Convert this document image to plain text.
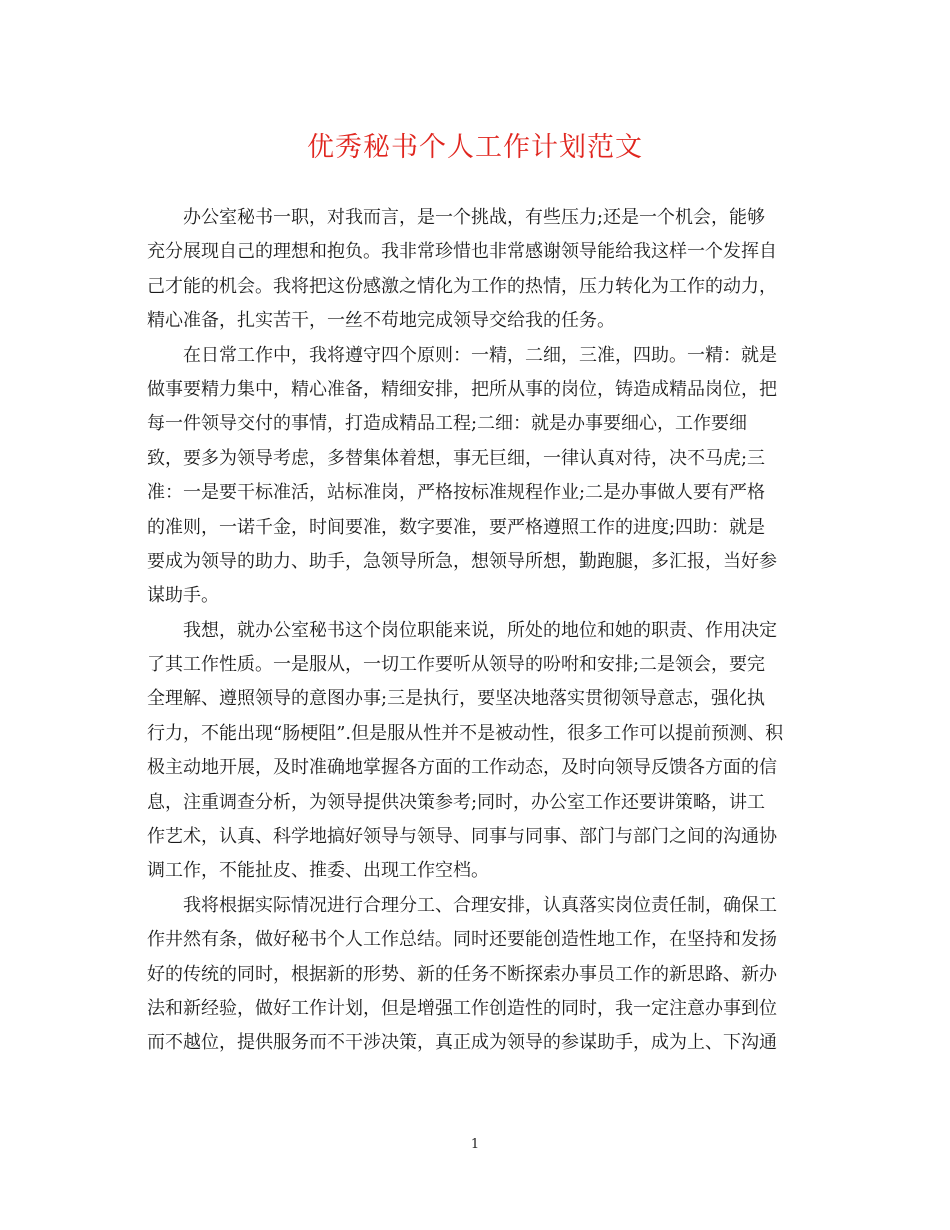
优秀秘书个人工作计划范文
办公室秘书一职，对我而言，是一个挑战，有些压力;还是一个机会，能够
充分展现自己的理想和抱负。我非常珍惜也非常感谢领导能给我这样一个发挥自
己才能的机会。我将把这份感激之情化为工作的热情，压力转化为工作的动力，
精心准备，扎实苦干，一丝不苟地完成领导交给我的任务。
在日常工作中，我将遵守四个原则：一精，二细，三准，四助。一精：就是
做事要精力集中，精心准备，精细安排，把所从事的岗位，铸造成精品岗位，把
每一件领导交付的事情，打造成精品工程;二细：就是办事要细心，工作要细
致，要多为领导考虑，多替集体着想，事无巨细，一律认真对待，决不马虎;三
准：一是要干标准活，站标准岗，严格按标准规程作业;二是办事做人要有严格
的准则，一诺千金，时间要准，数字要准，要严格遵照工作的进度;四助：就是
要成为领导的助力、助手，急领导所急，想领导所想，勤跑腿，多汇报，当好参
谋助手。
我想，就办公室秘书这个岗位职能来说，所处的地位和她的职责、作用决定
了其工作性质。一是服从，一切工作要听从领导的吩咐和安排;二是领会，要完
全理解、遵照领导的意图办事;三是执行，要坚决地落实贯彻领导意志，强化执
行力，不能出现“肠梗阻”.但是服从性并不是被动性，很多工作可以提前预测、积
极主动地开展，及时准确地掌握各方面的工作动态，及时向领导反馈各方面的信
息，注重调查分析，为领导提供决策参考;同时，办公室工作还要讲策略，讲工
作艺术，认真、科学地搞好领导与领导、同事与同事、部门与部门之间的沟通协
调工作，不能扯皮、推委、出现工作空档。
我将根据实际情况进行合理分工、合理安排，认真落实岗位责任制，确保工
作井然有条，做好秘书个人工作总结。同时还要能创造性地工作，在坚持和发扬
好的传统的同时，根据新的形势、新的任务不断探索办事员工作的新思路、新办
法和新经验，做好工作计划，但是增强工作创造性的同时，我一定注意办事到位
而不越位，提供服务而不干涉决策，真正成为领导的参谋助手，成为上、下沟通
1
